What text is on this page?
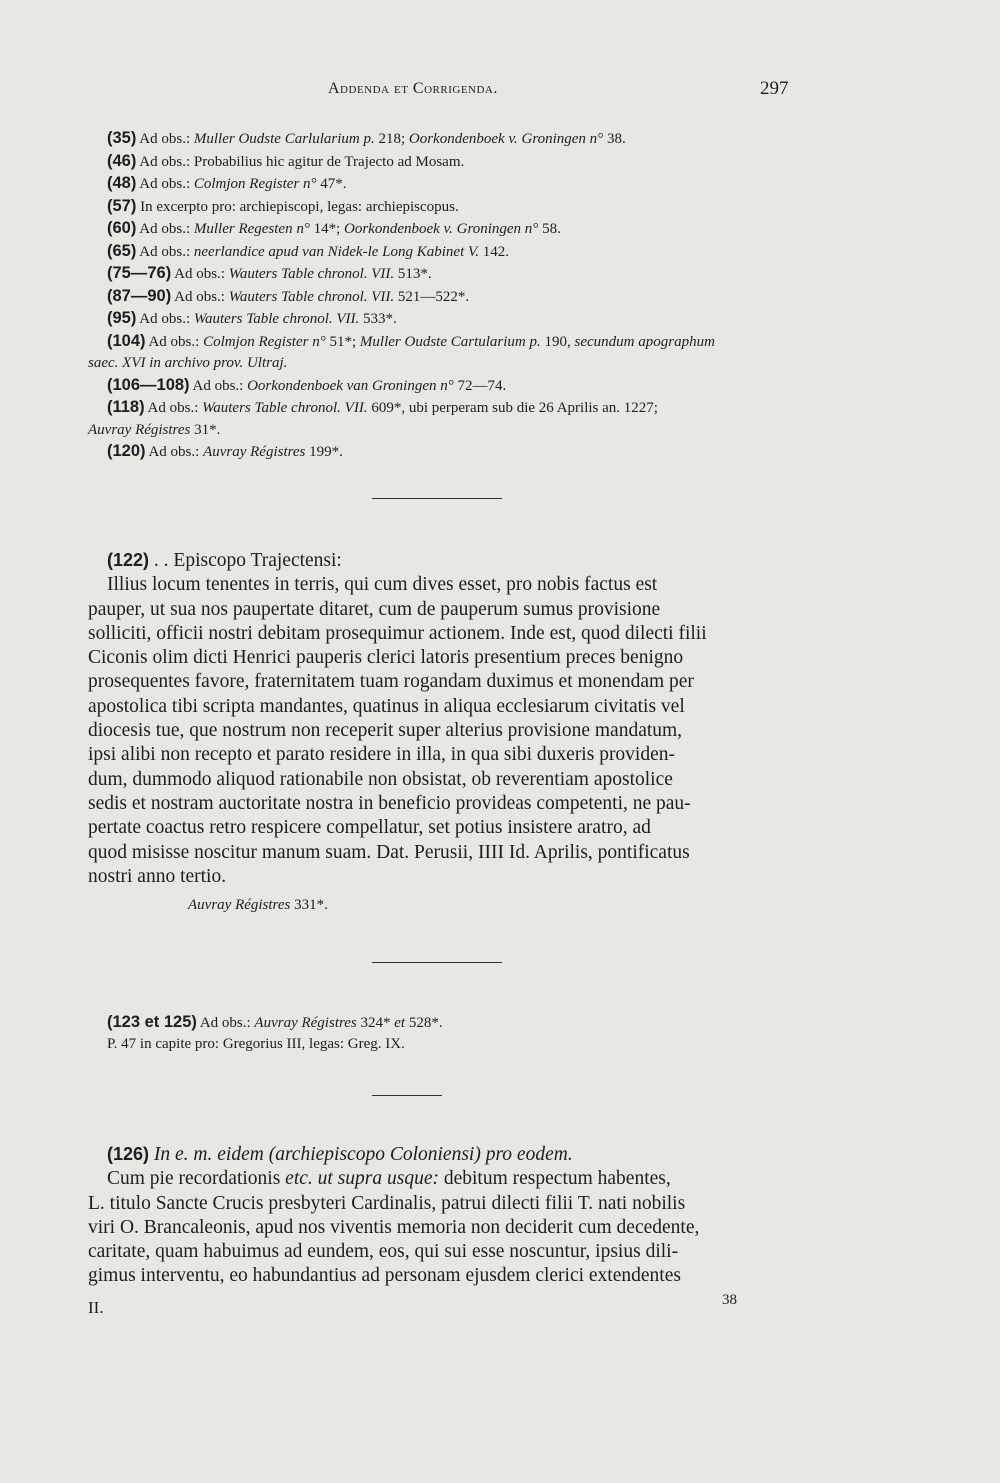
Addenda et Corrigenda.	297

(35) Ad obs.: Muller Oudste Carlularium p. 218; Oorkondenboek v. Groningen n° 38.

(46) Ad obs.: Probabilius hic agitur de Trajecto ad Mosam.

(48) Ad obs.: Colmjon Register n° 47*.

(57) In excerpto pro: archiepiscopi, legas: archiepiscopus.

(60) Ad obs.: Muller Regesten n° 14*; Oorkondenboek v. Groningen n° 58.

(65) Ad obs.: neerlandice apud van Nidek-le Long Kabinet V. 142.

(75—76) Ad obs.: Wauters Table chronol. VII. 513*.

(87—90) Ad obs.: Wauters Table chronol. VII. 521—522*.

(95) Ad obs.: Wauters Table chronol. VII. 533*.

(104) Ad obs.: Colmjon Register n° 51*; Muller Oudste Cartularium p. 190, secundum apographum

saec. XVI in archivo prov. Ultraj.

(106—108) Ad obs.: Oorkondenboek van Groningen n° 72—74.

(118) Ad obs.: Wauters Table chronol. VII. 609*, ubi perperam sub die 26 Aprilis an. 1227;

Auvray Régistres 31*.

(120) Ad obs.: Auvray Régistres 199*.

(122) . . Episcopo Trajectensi:

Illius locum tenentes in terris, qui cum dives esset, pro nobis factus est

pauper, ut sua nos paupertate ditaret, cum de pauperum sumus provisione

solliciti, officii nostri debitam prosequimur actionem. Inde est, quod dilecti filii

Ciconis olim dicti Henrici pauperis clerici latoris presentium preces benigno

prosequentes favore, fraternitatem tuam rogandam duximus et monendam per

apostolica tibi scripta mandantes, quatinus in aliqua ecclesiarum civitatis vel

diocesis tue, que nostrum non receperit super alterius provisione mandatum,

ipsi alibi non recepto et parato residere in illa, in qua sibi duxeris providen-

dum, dummodo aliquod rationabile non obsistat, ob reverentiam apostolice

sedis et nostram auctoritate nostra in beneficio provideas competenti, ne pau-

pertate coactus retro respicere compellatur, set potius insistere aratro, ad

quod misisse noscitur manum suam. Dat. Perusii, IIII Id. Aprilis, pontificatus

nostri anno tertio.

Auvray Régistres 331*.

(123 et 125) Ad obs.: Auvray Régistres 324* et 528*.

P. 47 in capite pro: Gregorius III, legas: Greg. IX.

(126) In e. m. eidem (archiepiscopo Coloniensi) pro eodem.

Cum pie recordationis etc. ut supra usque: debitum respectum habentes,

L. titulo Sancte Crucis presbyteri Cardinalis, patrui dilecti filii T. nati nobilis

viri O. Brancaleonis, apud nos viventis memoria non deciderit cum decedente,

caritate, quam habuimus ad eundem, eos, qui sui esse noscuntur, ipsius dili-

gimus interventu, eo habundantius ad personam ejusdem clerici extendentes

II.	38
